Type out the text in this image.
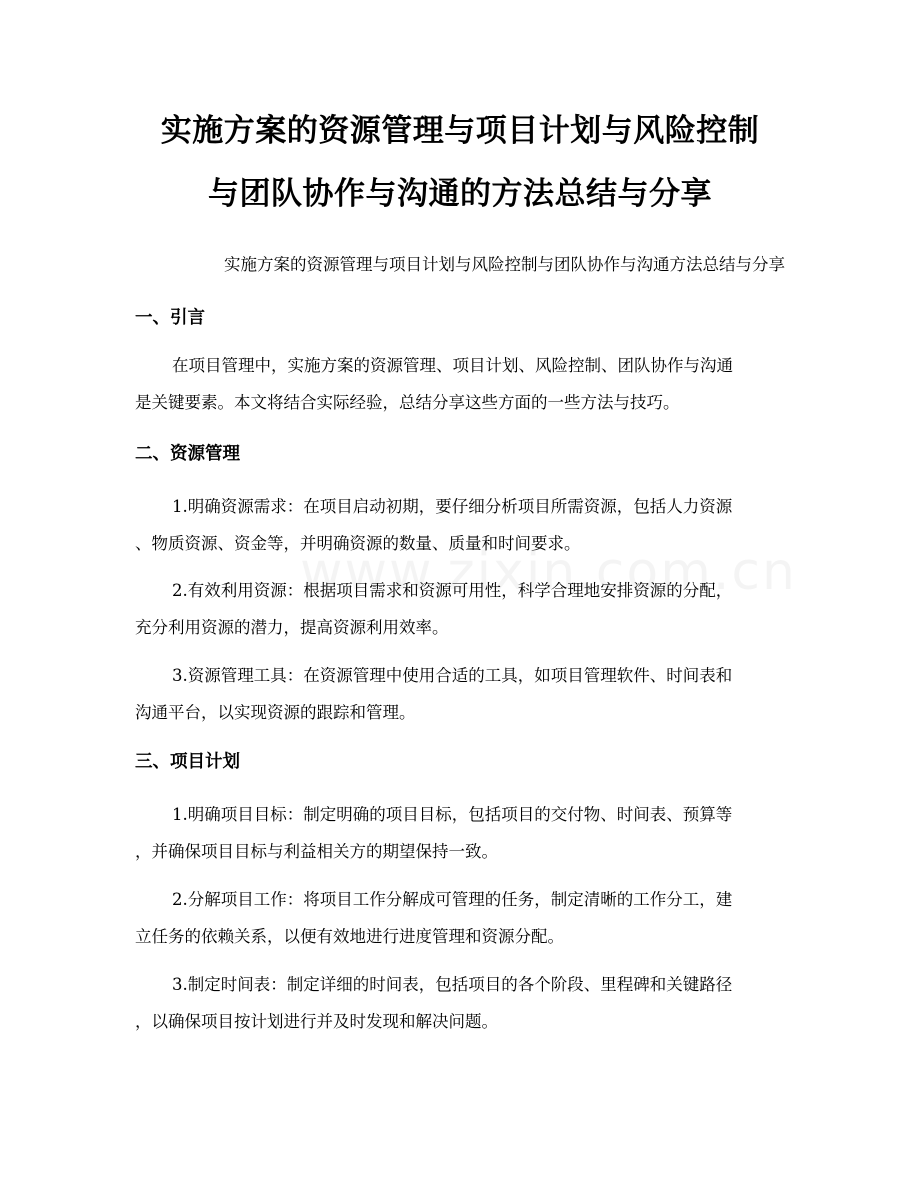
实施方案的资源管理与项目计划与风险控制
与团队协作与沟通的方法总结与分享
实施方案的资源管理与项目计划与风险控制与团队协作与沟通方法总结与分享
一、引言
在项目管理中，实施方案的资源管理、项目计划、风险控制、团队协作与沟通
是关键要素。本文将结合实际经验，总结分享这些方面的一些方法与技巧。
二、资源管理
1.明确资源需求：在项目启动初期，要仔细分析项目所需资源，包括人力资源
、物质资源、资金等，并明确资源的数量、质量和时间要求。
2.有效利用资源：根据项目需求和资源可用性，科学合理地安排资源的分配，
充分利用资源的潜力，提高资源利用效率。
3.资源管理工具：在资源管理中使用合适的工具，如项目管理软件、时间表和
沟通平台，以实现资源的跟踪和管理。
三、项目计划
1.明确项目目标：制定明确的项目目标，包括项目的交付物、时间表、预算等
，并确保项目目标与利益相关方的期望保持一致。
2.分解项目工作：将项目工作分解成可管理的任务，制定清晰的工作分工，建
立任务的依赖关系，以便有效地进行进度管理和资源分配。
3.制定时间表：制定详细的时间表，包括项目的各个阶段、里程碑和关键路径
，以确保项目按计划进行并及时发现和解决问题。
